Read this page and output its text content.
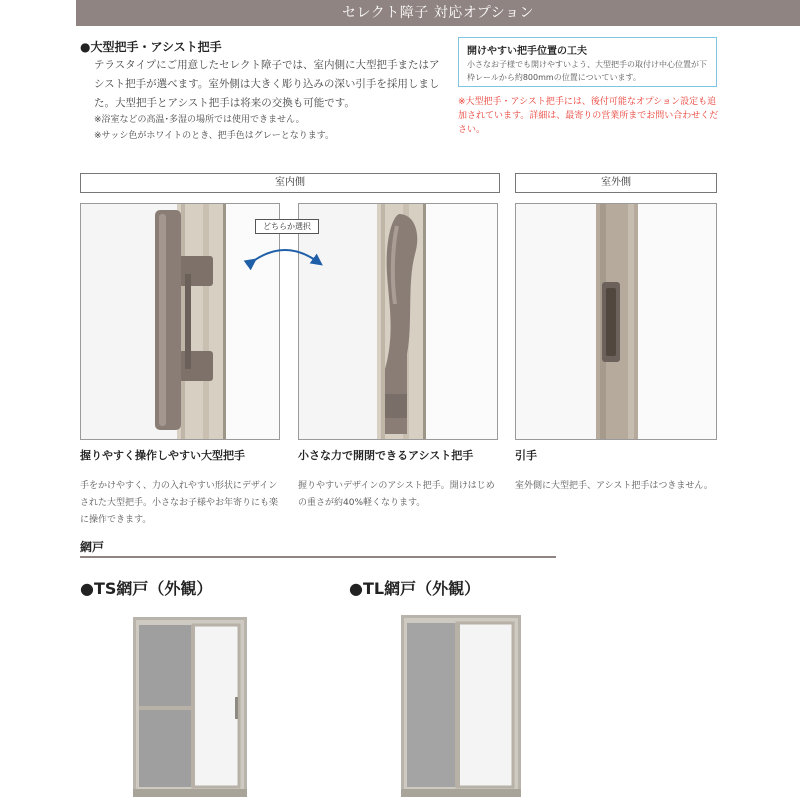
セレクト障子 対応オプション
●大型把手・アシスト把手
テラスタイプにご用意したセレクト障子では、室内側に大型把手またはアシスト把手が選べます。室外側は大きく彫り込みの深い引手を採用しました。大型把手とアシスト把手は将来の交換も可能です。
※浴室などの高温･多湿の場所では使用できません。
※サッシ色がホワイトのとき、把手色はグレーとなります。
開けやすい把手位置の工夫
小さなお子様でも開けやすいよう、大型把手の取付け中心位置が下枠レールから約800mmの位置についています。
※大型把手・アシスト把手には、後付可能なオプション設定も追加されています。詳細は、最寄りの営業所までお問い合わせください。
室内側	室外側
どちらか選択
握りやすく操作しやすい大型把手
手をかけやすく、力の入れやすい形状にデザインされた大型把手。小さなお子様やお年寄りにも楽に操作できます。
小さな力で開閉できるアシスト把手
握りやすいデザインのアシスト把手。開けはじめの重さが約40%軽くなります。
引手
室外側に大型把手、アシスト把手はつきません。
網戸
●TS網戸（外観）	●TL網戸（外観）
